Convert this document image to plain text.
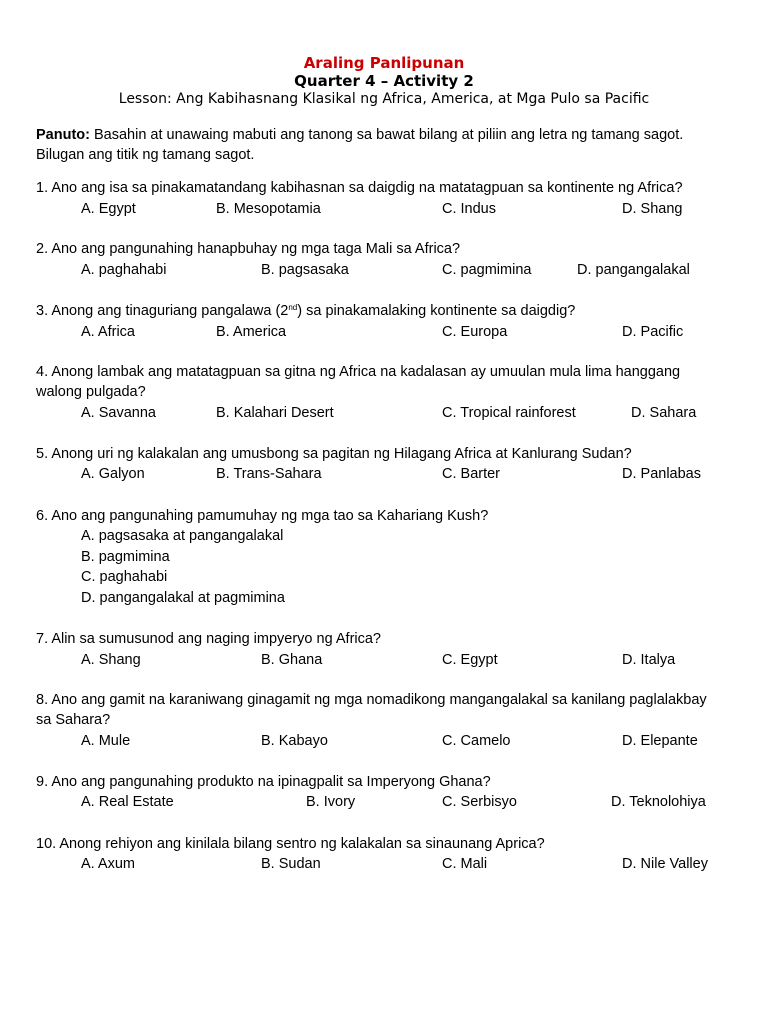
Araling Panlipunan
Quarter 4 – Activity 2
Lesson: Ang Kabihasnang Klasikal ng Africa, America, at Mga Pulo sa Pacific
Panuto: Basahin at unawaing mabuti ang tanong sa bawat bilang at piliin ang letra ng tamang sagot.
Bilugan ang titik ng tamang sagot.
1. Ano ang isa sa pinakamatandang kabihasnan sa daigdig na matatagpuan sa kontinente ng Africa?
A. Egypt	B. Mesopotamia	C. Indus	D. Shang
2. Ano ang pangunahing hanapbuhay ng mga taga Mali sa Africa?
A. paghahabi	B. pagsasaka	C. pagmimina	D. pangangalakal
3. Anong ang tinaguriang pangalawa (2nd) sa pinakamalaking kontinente sa daigdig?
A. Africa	B. America	C. Europa	D. Pacific
4. Anong lambak ang matatagpuan sa gitna ng Africa na kadalasan ay umuulan mula lima hanggang walong pulgada?
A. Savanna	B. Kalahari Desert	C. Tropical rainforest	D. Sahara
5. Anong uri ng kalakalan ang umusbong sa pagitan ng Hilagang Africa at Kanlurang Sudan?
A. Galyon	B. Trans-Sahara	C. Barter	D. Panlabas
6. Ano ang pangunahing pamumuhay ng mga tao sa Kahariang Kush?
A. pagsasaka at pangangalakal
B. pagmimina
C. paghahabi
D. pangangalakal at pagmimina
7. Alin sa sumusunod ang naging impyeryo ng Africa?
A. Shang	B. Ghana	C. Egypt	D. Italya
8. Ano ang gamit na karaniwang ginagamit ng mga nomadikong mangangalakal sa kanilang paglalakbay sa Sahara?
A. Mule	B. Kabayo	C. Camelo	D. Elepante
9. Ano ang pangunahing produkto na ipinagpalit sa Imperyong Ghana?
A. Real Estate	B. Ivory	C. Serbisyo	D. Teknolohiya
10. Anong rehiyon ang kinilala bilang sentro ng kalakalan sa sinaunang Aprica?
A. Axum	B. Sudan	C. Mali	D. Nile Valley
